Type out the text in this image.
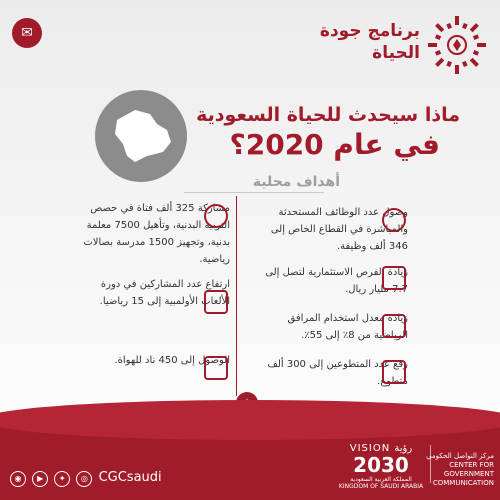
برنامج جودة
الحياة
✉
ماذا سيحدث للحياة السعودية
في عام 2020؟
أهداف محلية
وصول عدد الوظائف المستحدثة والمباشرة في القطاع الخاص إلى 346 ألف وظيفة.
زيادة الفرص الاستثمارية لتصل إلى 7.7 مليار ريال.
زيادة معدل استخدام المرافق الرياضية من 8٪ إلى 55٪.
رفع عدد المتطوعين إلى 300 ألف متطوع.
مشاركة 325 ألف فتاة في حصص التربية البدنية، وتأهيل 7500 معلمة بدنية، وتجهيز 1500 مدرسة بصالات رياضية.
ارتفاع عدد المشاركين في دورة الألعاب الأولمبية إلى 15 رياضيا.
الوصول إلى 450 ناد للهواة.
◉ ▶ ✦ ◎ CGCsaudi
VISION رؤية
2030
المملكة العربية السعودية KINGDOM OF SAUDI ARABIA
مركز التواصل الحكومي
CENTER FOR GOVERNMENT
COMMUNICATION
